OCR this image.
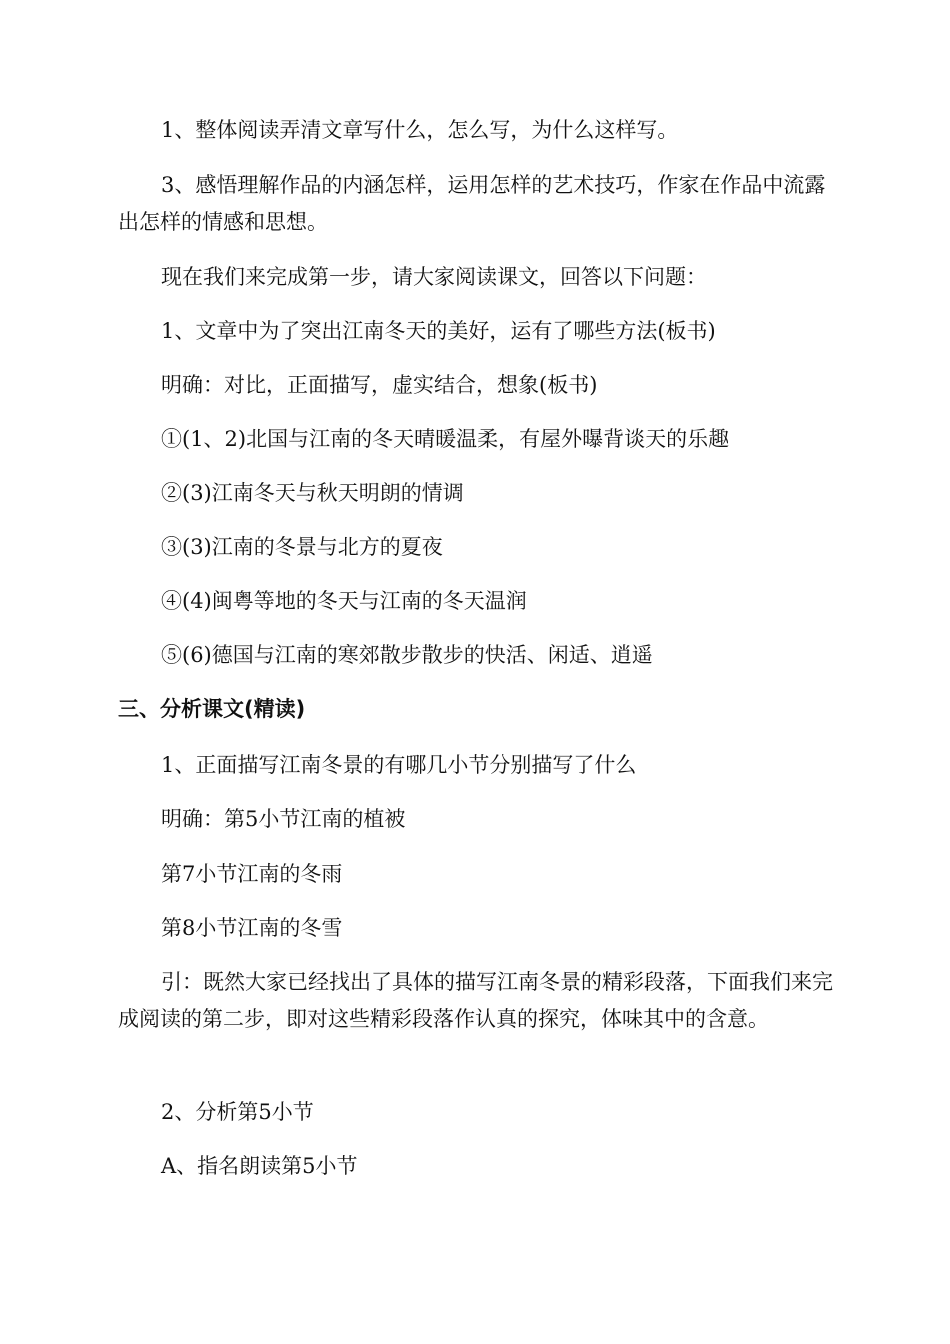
1、整体阅读弄清文章写什么，怎么写，为什么这样写。

3、感悟理解作品的内涵怎样，运用怎样的艺术技巧，作家在作品中流露出怎样的情感和思想。

现在我们来完成第一步，请大家阅读课文，回答以下问题：

1、文章中为了突出江南冬天的美好，运有了哪些方法(板书)

明确：对比，正面描写，虚实结合，想象(板书)

①(1、2)北国与江南的冬天晴暖温柔，有屋外曝背谈天的乐趣

②(3)江南冬天与秋天明朗的情调

③(3)江南的冬景与北方的夏夜

④(4)闽粤等地的冬天与江南的冬天温润

⑤(6)德国与江南的寒郊散步散步的快活、闲适、逍遥

三、分析课文(精读)

1、正面描写江南冬景的有哪几小节分别描写了什么

明确：第5小节江南的植被

第7小节江南的冬雨

第8小节江南的冬雪

引：既然大家已经找出了具体的描写江南冬景的精彩段落，下面我们来完成阅读的第二步，即对这些精彩段落作认真的探究，体味其中的含意。

2、分析第5小节

A、指名朗读第5小节
